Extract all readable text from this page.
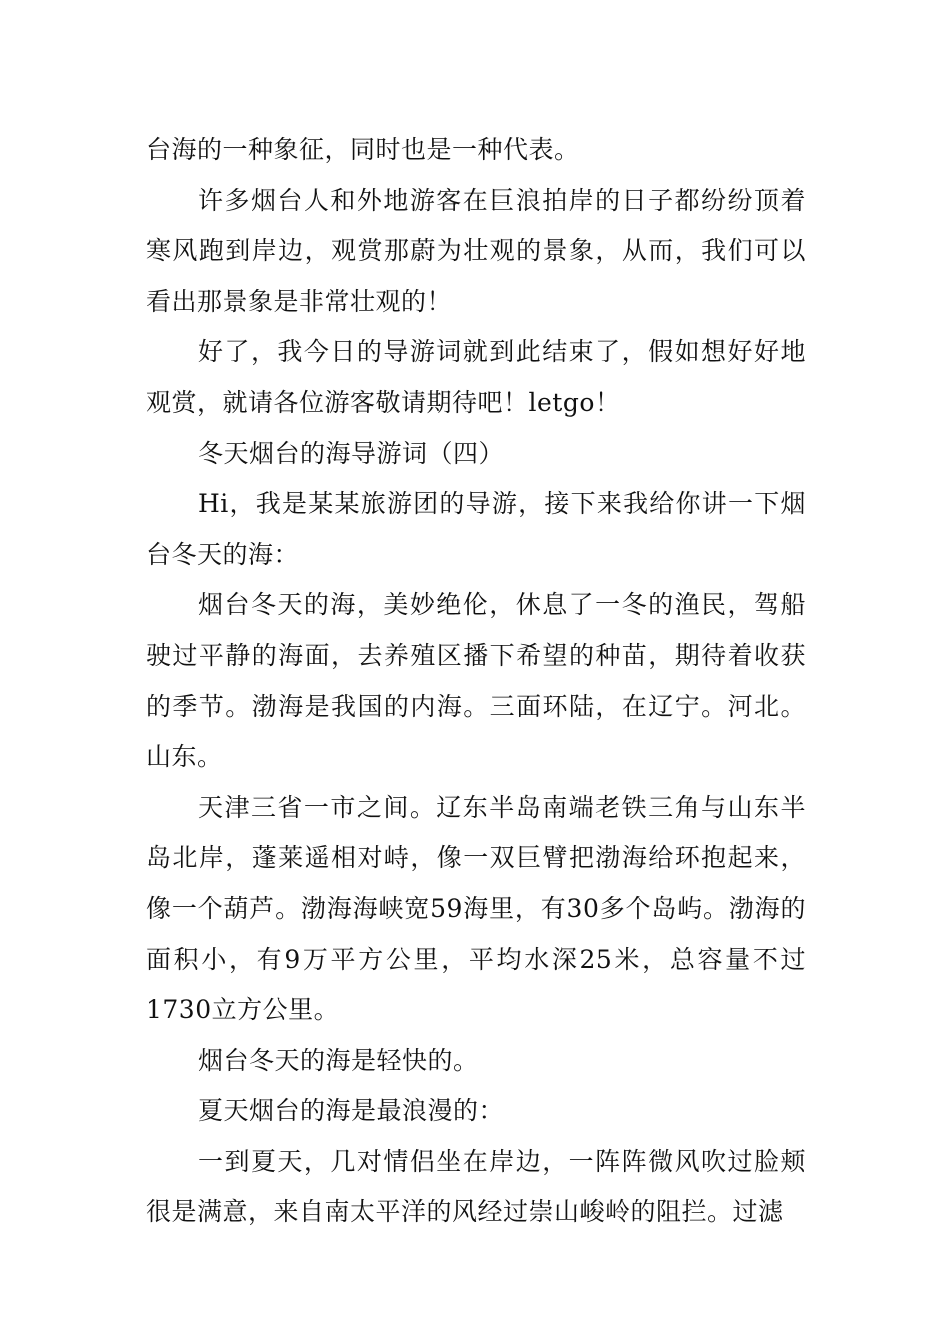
台海的一种象征，同时也是一种代表。

许多烟台人和外地游客在巨浪拍岸的日子都纷纷顶着寒风跑到岸边，观赏那蔚为壮观的景象，从而，我们可以看出那景象是非常壮观的！

好了，我今日的导游词就到此结束了，假如想好好地观赏，就请各位游客敬请期待吧！letgo！

冬天烟台的海导游词（四）

Hi，我是某某旅游团的导游，接下来我给你讲一下烟台冬天的海：

烟台冬天的海，美妙绝伦，休息了一冬的渔民，驾船驶过平静的海面，去养殖区播下希望的种苗，期待着收获的季节。渤海是我国的内海。三面环陆，在辽宁。河北。山东。

天津三省一市之间。辽东半岛南端老铁三角与山东半岛北岸，蓬莱遥相对峙，像一双巨臂把渤海给环抱起来，像一个葫芦。渤海海峡宽59海里，有30多个岛屿。渤海的面积小，有9万平方公里，平均水深25米，总容量不过1730立方公里。

烟台冬天的海是轻快的。

夏天烟台的海是最浪漫的：

一到夏天，几对情侣坐在岸边，一阵阵微风吹过脸颊很是满意，来自南太平洋的风经过崇山峻岭的阻拦。过滤
